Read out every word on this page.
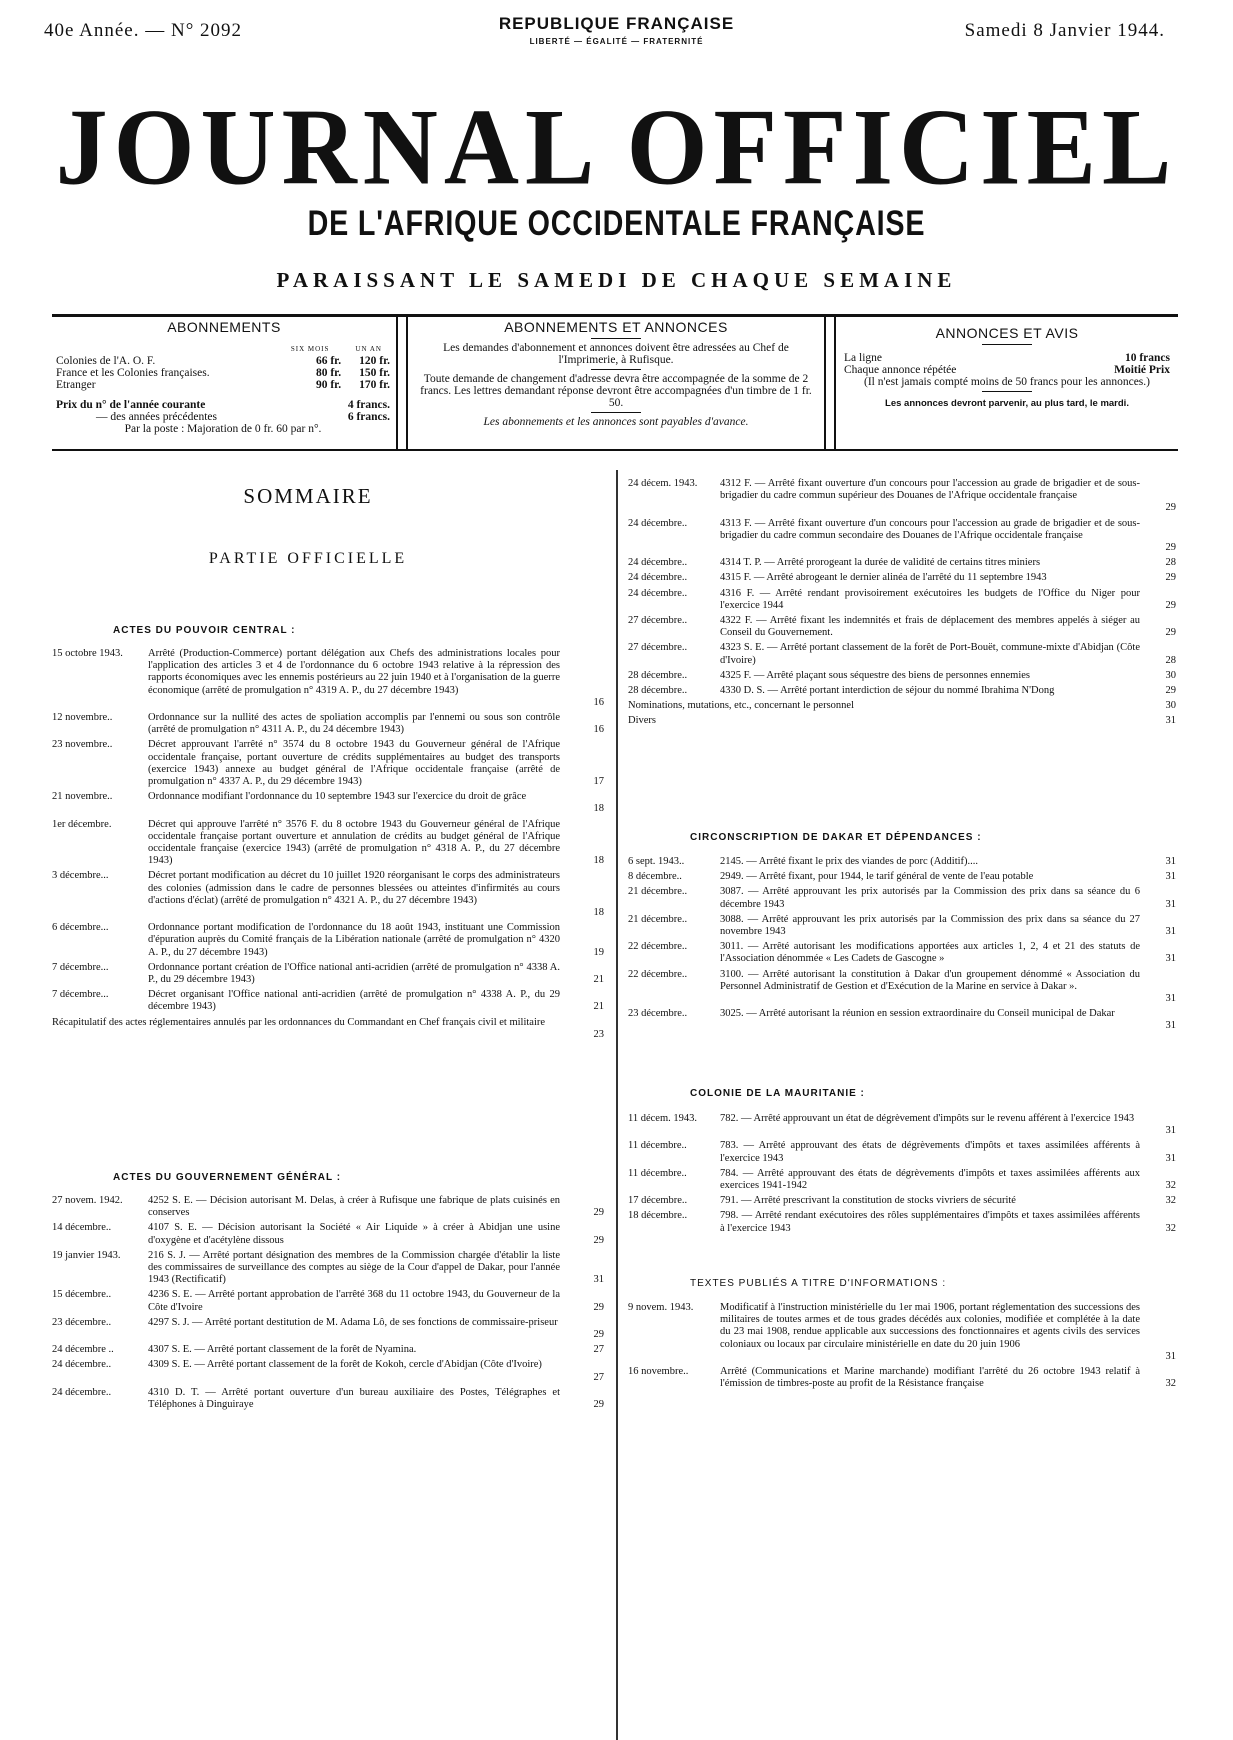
40e Année. — N° 2092	REPUBLIQUE FRANÇAISE
LIBERTÉ — ÉGALITÉ — FRATERNITÉ
Samedi 8 Janvier 1944.
JOURNAL OFFICIEL
DE L'AFRIQUE OCCIDENTALE FRANÇAISE
PARAISSANT LE SAMEDI DE CHAQUE SEMAINE
ABONNEMENTS
SIX MOIS	UN AN
Colonies de l'A. O. F.	66 fr. 120 fr.
France et les Colonies françaises.	80 fr. 150 fr.
Etranger	90 fr. 170 fr.
Prix du n° de l'année courante	4 francs.
— des années précédentes	6 francs.
Par la poste : Majoration de 0 fr. 60 par n°.
ABONNEMENTS ET ANNONCES
Les demandes d'abonnement et annonces doivent être adressées au Chef de l'Imprimerie, à Rufisque.
Toute demande de changement d'adresse devra être accompagnée de la somme de 2 francs. Les lettres demandant réponse devront être accompagnées d'un timbre de 1 fr. 50.
Les abonnements et les annonces sont payables d'avance.
ANNONCES ET AVIS
La ligne	10 francs
Chaque annonce répétée	Moitié Prix
(Il n'est jamais compté moins de 50 francs pour les annonces.)
Les annonces devront parvenir, au plus tard, le mardi.
SOMMAIRE
PARTIE OFFICIELLE
ACTES DU POUVOIR CENTRAL :
ACTES DU GOUVERNEMENT GÉNÉRAL :
15 octobre 1943. Arrêté (Production-Commerce) portant délégation aux Chefs des administrations locales pour l'application des articles 3 et 4 de l'ordonnance du 6 octobre 1943 relative à la répression des rapports économiques avec les ennemis postérieurs au 22 juin 1940 et à l'organisation de la guerre économique (arrêté de promulgation n° 4319 A. P., du 27 décembre 1943)
16
12 novembre..	Ordonnance sur la nullité des actes de spoliation accomplis par l'ennemi ou sous son contrôle (arrêté de promulgation n° 4311 A. P., du 24 décembre 1943)	16
23 novembre..	Décret approuvant l'arrêté n° 3574 du 8 octobre 1943 du Gouverneur général de l'Afrique occidentale française, portant ouverture de crédits supplémentaires au budget des transports (exercice 1943) annexe au budget général de l'Afrique occidentale française (arrêté de promulgation n° 4337 A. P., du 29 décembre 1943)	17
21 novembre..	Ordonnance modifiant l'ordonnance du 10 septembre 1943 sur l'exercice du droit de grâce
18
1er décembre.	Décret qui approuve l'arrêté n° 3576 F. du 8 octobre 1943 du Gouverneur général de l'Afrique occidentale française portant ouverture et annulation de crédits au budget général de l'Afrique occidentale française (exercice 1943) (arrêté de promulgation n° 4318 A. P., du 27 décembre 1943)	18
3 décembre...	Décret portant modification au décret du 10 juillet 1920 réorganisant le corps des administrateurs des colonies (admission dans le cadre de personnes blessées ou atteintes d'infirmités au cours d'actions d'éclat) (arrêté de promulgation n° 4321 A. P., du 27 décembre 1943)
18
6 décembre...	Ordonnance portant modification de l'ordonnance du 18 août 1943, instituant une Commission d'épuration auprès du Comité français de la Libération nationale (arrêté de promulgation n° 4320 A. P., du 27 décembre 1943)	19
7 décembre...	Ordonnance portant création de l'Office national anti-acridien (arrêté de promulgation n° 4338 A. P., du 29 décembre 1943)	21
7 décembre...	Décret organisant l'Office national anti-acridien (arrêté de promulgation n° 4338 A. P., du 29 décembre 1943)	21
Récapitulatif des actes réglementaires annulés par les ordonnances du Commandant en Chef français civil et militaire
23
27 novem. 1942. 4252 S. E. — Décision autorisant M. Delas, à créer à Rufisque une fabrique de plats cuisinés en conserves	29
14 décembre..	4107 S. E. — Décision autorisant la Société « Air Liquide » à créer à Abidjan une usine d'oxygène et d'acétylène dissous	29
19 janvier 1943.	216 S. J. — Arrêté portant désignation des membres de la Commission chargée d'établir la liste des commissaires de surveillance des comptes au siège de la Cour d'appel de Dakar, pour l'année 1943 (Rectificatif)	31
15 décembre..	4236 S. E. — Arrêté portant approbation de l'arrêté 368 du 11 octobre 1943, du Gouverneur de la Côte d'Ivoire	29
23 décembre..	4297 S. J. — Arrêté portant destitution de M. Adama Lô, de ses fonctions de commissaire-priseur
29
24 décembre ..	4307 S. E. — Arrêté portant classement de la forêt de Nyamina.	27
24 décembre..	4309 S. E. — Arrêté portant classement de la forêt de Kokoh, cercle d'Abidjan (Côte d'Ivoire)
27
24 décembre..	4310 D. T. — Arrêté portant ouverture d'un bureau auxiliaire des Postes, Télégraphes et Téléphones à Dinguiraye	29
24 décem. 1943. 4312 F. — Arrêté fixant ouverture d'un concours pour l'accession au grade de brigadier et de sous-brigadier du cadre commun supérieur des Douanes de l'Afrique occidentale française
29
24 décembre..	4313 F. — Arrêté fixant ouverture d'un concours pour l'accession au grade de brigadier et de sous-brigadier du cadre commun secondaire des Douanes de l'Afrique occidentale française
29
24 décembre..	4314 T. P. — Arrêté prorogeant la durée de validité de certains titres miniers	28
24 décembre..	4315 F. — Arrêté abrogeant le dernier alinéa de l'arrêté du 11 septembre 1943	29
24 décembre..	4316 F. — Arrêté rendant provisoirement exécutoires les budgets de l'Office du Niger pour l'exercice 1944	29
27 décembre..	4322 F. — Arrêté fixant les indemnités et frais de déplacement des membres appelés à siéger au Conseil du Gouvernement.	29
27 décembre..	4323 S. E. — Arrêté portant classement de la forêt de Port-Bouët, commune-mixte d'Abidjan (Côte d'Ivoire)	28
28 décembre..	4325 F. — Arrêté plaçant sous séquestre des biens de personnes ennemies	30
28 décembre..	4330 D. S. — Arrêté portant interdiction de séjour du nommé Ibrahima N'Dong	29
Nominations, mutations, etc., concernant le personnel	30
Divers	31
CIRCONSCRIPTION DE DAKAR ET DÉPENDANCES :
6 sept. 1943..	2145. — Arrêté fixant le prix des viandes de porc (Additif)....	31
8 décembre..	2949. — Arrêté fixant, pour 1944, le tarif général de vente de l'eau potable	31
21 décembre..	3087. — Arrêté approuvant les prix autorisés par la Commission des prix dans sa séance du 6 décembre 1943	31
21 décembre..	3088. — Arrêté approuvant les prix autorisés par la Commission des prix dans sa séance du 27 novembre 1943	31
22 décembre..	3011. — Arrêté autorisant les modifications apportées aux articles 1, 2, 4 et 21 des statuts de l'Association dénommée « Les Cadets de Gascogne »	31
22 décembre..	3100. — Arrêté autorisant la constitution à Dakar d'un groupement dénommé « Association du Personnel Administratif de Gestion et d'Exécution de la Marine en service à Dakar ».
31
23 décembre..	3025. — Arrêté autorisant la réunion en session extraordinaire du Conseil municipal de Dakar
31
COLONIE DE LA MAURITANIE :
11 décem. 1943. 782. — Arrêté approuvant un état de dégrèvement d'impôts sur le revenu afférent à l'exercice 1943
31
11 décembre..	783. — Arrêté approuvant des états de dégrèvements d'impôts et taxes assimilées afférents à l'exercice 1943	31
11 décembre..	784. — Arrêté approuvant des états de dégrèvements d'impôts et taxes assimilées afférents aux exercices 1941-1942	32
17 décembre..	791. — Arrêté prescrivant la constitution de stocks vivriers de sécurité	32
18 décembre..	798. — Arrêté rendant exécutoires des rôles supplémentaires d'impôts et taxes assimilées afférents à l'exercice 1943	32
TEXTES PUBLIÉS A TITRE D'INFORMATIONS :
9 novem. 1943.	Modificatif à l'instruction ministérielle du 1er mai 1906, portant réglementation des successions des militaires de toutes armes et de tous grades décédés aux colonies, modifiée et complétée à la date du 23 mai 1908, rendue applicable aux successions des fonctionnaires et agents civils des services coloniaux ou locaux par circulaire ministérielle en date du 20 juin 1906
31
16 novembre..	Arrêté (Communications et Marine marchande) modifiant l'arrêté du 26 octobre 1943 relatif à l'émission de timbres-poste au profit de la Résistance française	32
